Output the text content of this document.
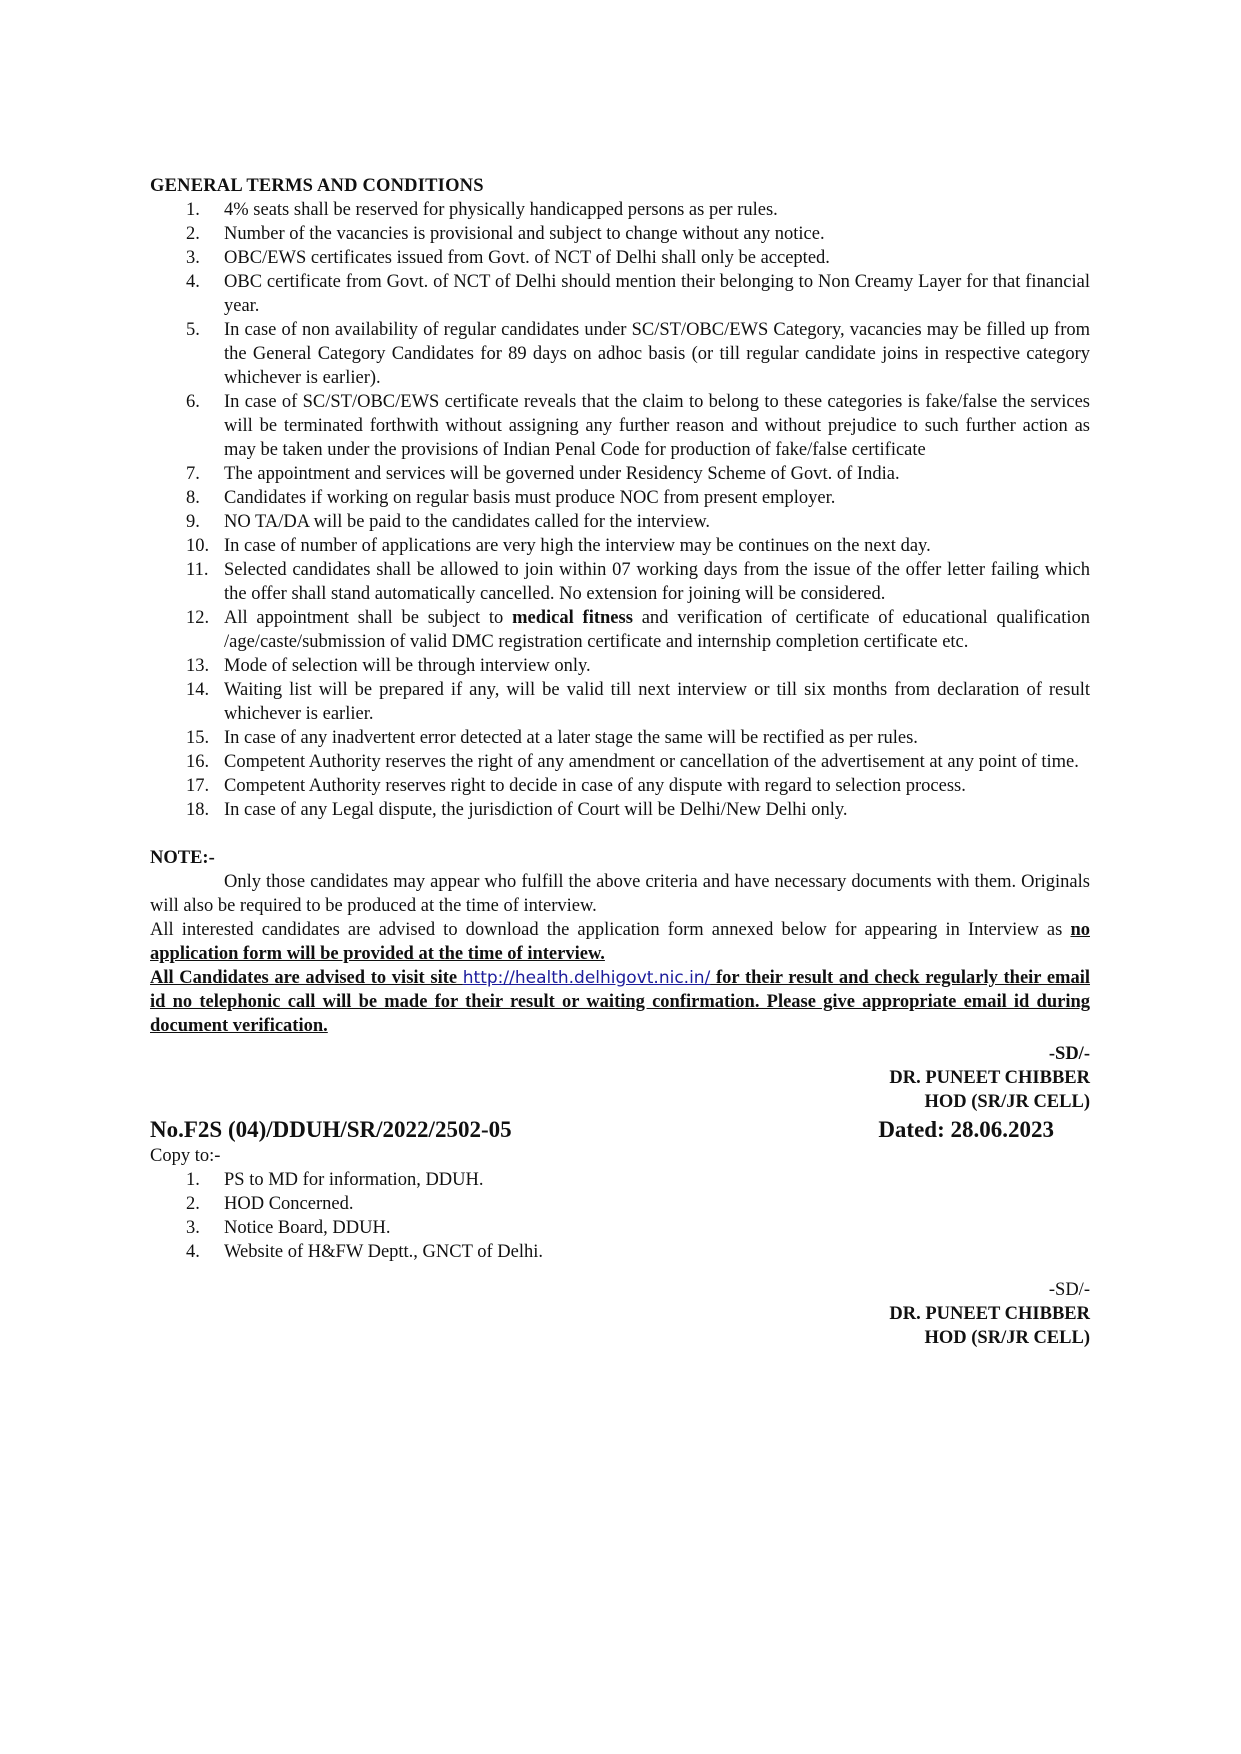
GENERAL TERMS AND CONDITIONS

1.	4% seats shall be reserved for physically handicapped persons as per rules.
2.	Number of the vacancies is provisional and subject to change without any notice.
3.	OBC/EWS certificates issued from Govt. of NCT of Delhi shall only be accepted.
4.	OBC certificate from Govt. of NCT of Delhi should mention their belonging to Non Creamy Layer for that financial year.
5.	In case of non availability of regular candidates under SC/ST/OBC/EWS Category, vacancies may be filled up from the General Category Candidates for 89 days on adhoc basis (or till regular candidate joins in respective category whichever is earlier).
6.	In case of SC/ST/OBC/EWS certificate reveals that the claim to belong to these categories is fake/false the services will be terminated forthwith without assigning any further reason and without prejudice to such further action as may be taken under the provisions of Indian Penal Code for production of fake/false certificate
7.	The appointment and services will be governed under Residency Scheme of Govt. of India.
8.	Candidates if working on regular basis must produce NOC from present employer.
9.	NO TA/DA will be paid to the candidates called for the interview.
10. In case of number of applications are very high the interview may be continues on the next day.
11. Selected candidates shall be allowed to join within 07 working days from the issue of the offer letter failing which the offer shall stand automatically cancelled. No extension for joining will be considered.
12. All appointment shall be subject to medical fitness and verification of certificate of educational qualification /age/caste/submission of valid DMC registration certificate and internship completion certificate etc.
13. Mode of selection will be through interview only.
14. Waiting list will be prepared if any, will be valid till next interview or till six months from declaration of result whichever is earlier.
15. In case of any inadvertent error detected at a later stage the same will be rectified as per rules.
16. Competent Authority reserves the right of any amendment or cancellation of the advertisement at any point of time.
17. Competent Authority reserves right to decide in case of any dispute with regard to selection process.
18. In case of any Legal dispute, the jurisdiction of Court will be Delhi/New Delhi only.

NOTE:-

Only those candidates may appear who fulfill the above criteria and have necessary documents with them. Originals will also be required to be produced at the time of interview.

All interested candidates are advised to download the application form annexed below for appearing in Interview as no application form will be provided at the time of interview.

All Candidates are advised to visit site http://health.delhigovt.nic.in/ for their result and check regularly their email id no telephonic call will be made for their result or waiting confirmation. Please give appropriate email id during document verification.

-SD/-
DR. PUNEET CHIBBER
HOD (SR/JR CELL)
No.F2S (04)/DDUH/SR/2022/2502-05	Dated: 28.06.2023
Copy to:-
1. PS to MD for information, DDUH.
2. HOD Concerned.
3. Notice Board, DDUH.
4. Website of H&FW Deptt., GNCT of Delhi.
-SD/-
DR. PUNEET CHIBBER
HOD (SR/JR CELL)
